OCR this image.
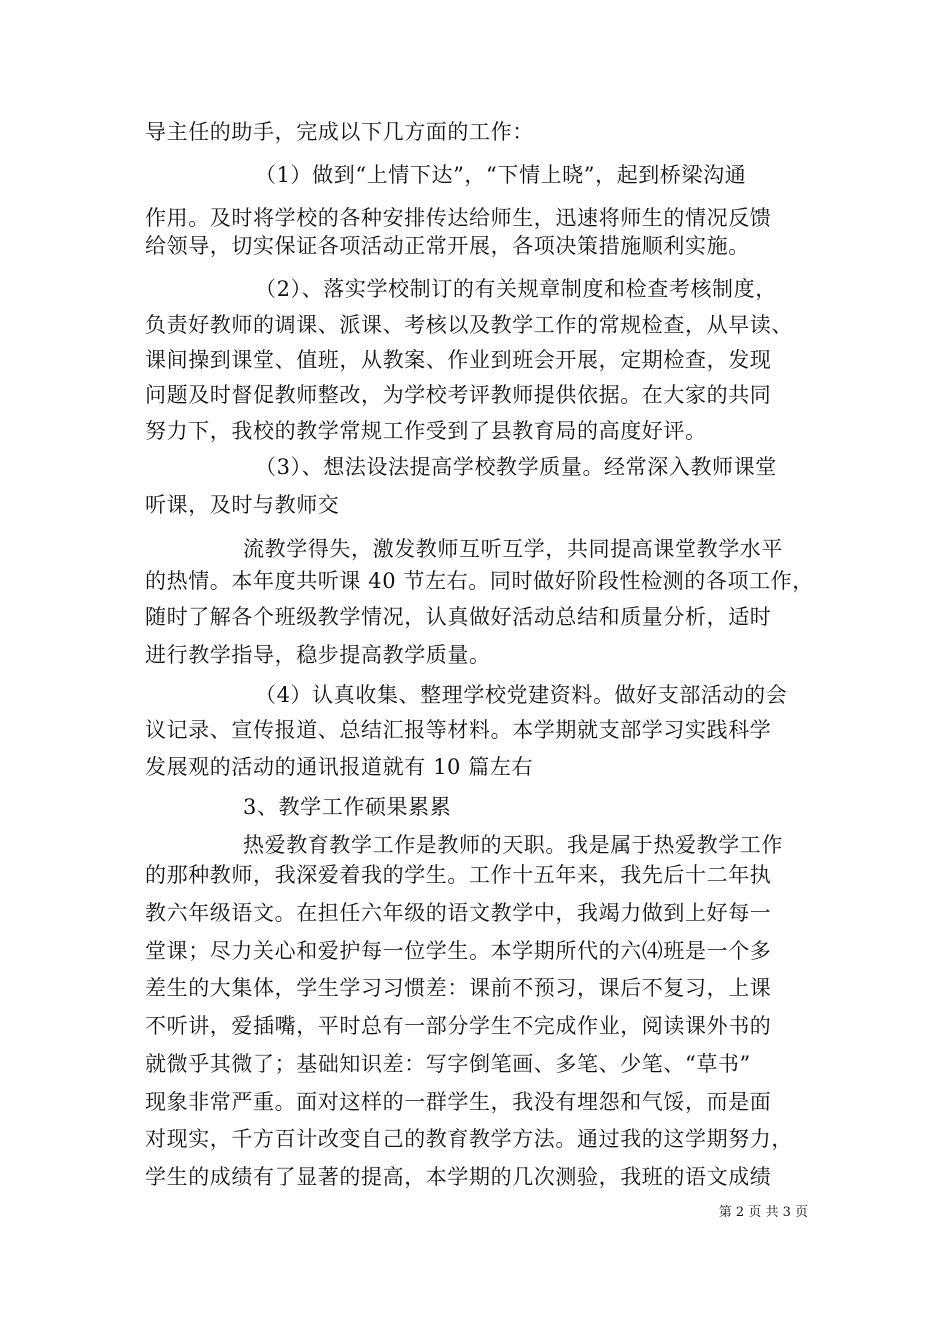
导主任的助手，完成以下几方面的工作：
（1）做到“上情下达”，“下情上晓”，起到桥梁沟通
作用。及时将学校的各种安排传达给师生，迅速将师生的情况反馈
给领导，切实保证各项活动正常开展，各项决策措施顺利实施。
（2）、落实学校制订的有关规章制度和检查考核制度，
负责好教师的调课、派课、考核以及教学工作的常规检查，从早读、
课间操到课堂、值班，从教案、作业到班会开展，定期检查，发现
问题及时督促教师整改，为学校考评教师提供依据。在大家的共同
努力下，我校的教学常规工作受到了县教育局的高度好评。
（3）、想法设法提高学校教学质量。经常深入教师课堂
听课，及时与教师交
流教学得失，激发教师互听互学，共同提高课堂教学水平
的热情。本年度共听课 40 节左右。同时做好阶段性检测的各项工作，
随时了解各个班级教学情况，认真做好活动总结和质量分析，适时
进行教学指导，稳步提高教学质量。
（4）认真收集、整理学校党建资料。做好支部活动的会
议记录、宣传报道、总结汇报等材料。本学期就支部学习实践科学
发展观的活动的通讯报道就有 10 篇左右
3、教学工作硕果累累
热爱教育教学工作是教师的天职。我是属于热爱教学工作
的那种教师，我深爱着我的学生。工作十五年来，我先后十二年执
教六年级语文。在担任六年级的语文教学中，我竭力做到上好每一
堂课；尽力关心和爱护每一位学生。本学期所代的六⑷班是一个多
差生的大集体，学生学习习惯差：课前不预习，课后不复习，上课
不听讲，爱插嘴，平时总有一部分学生不完成作业，阅读课外书的
就微乎其微了；基础知识差：写字倒笔画、多笔、少笔、“草书”
现象非常严重。面对这样的一群学生，我没有埋怨和气馁，而是面
对现实，千方百计改变自己的教育教学方法。通过我的这学期努力，
学生的成绩有了显著的提高，本学期的几次测验，我班的语文成绩
第 2 页 共 3 页
